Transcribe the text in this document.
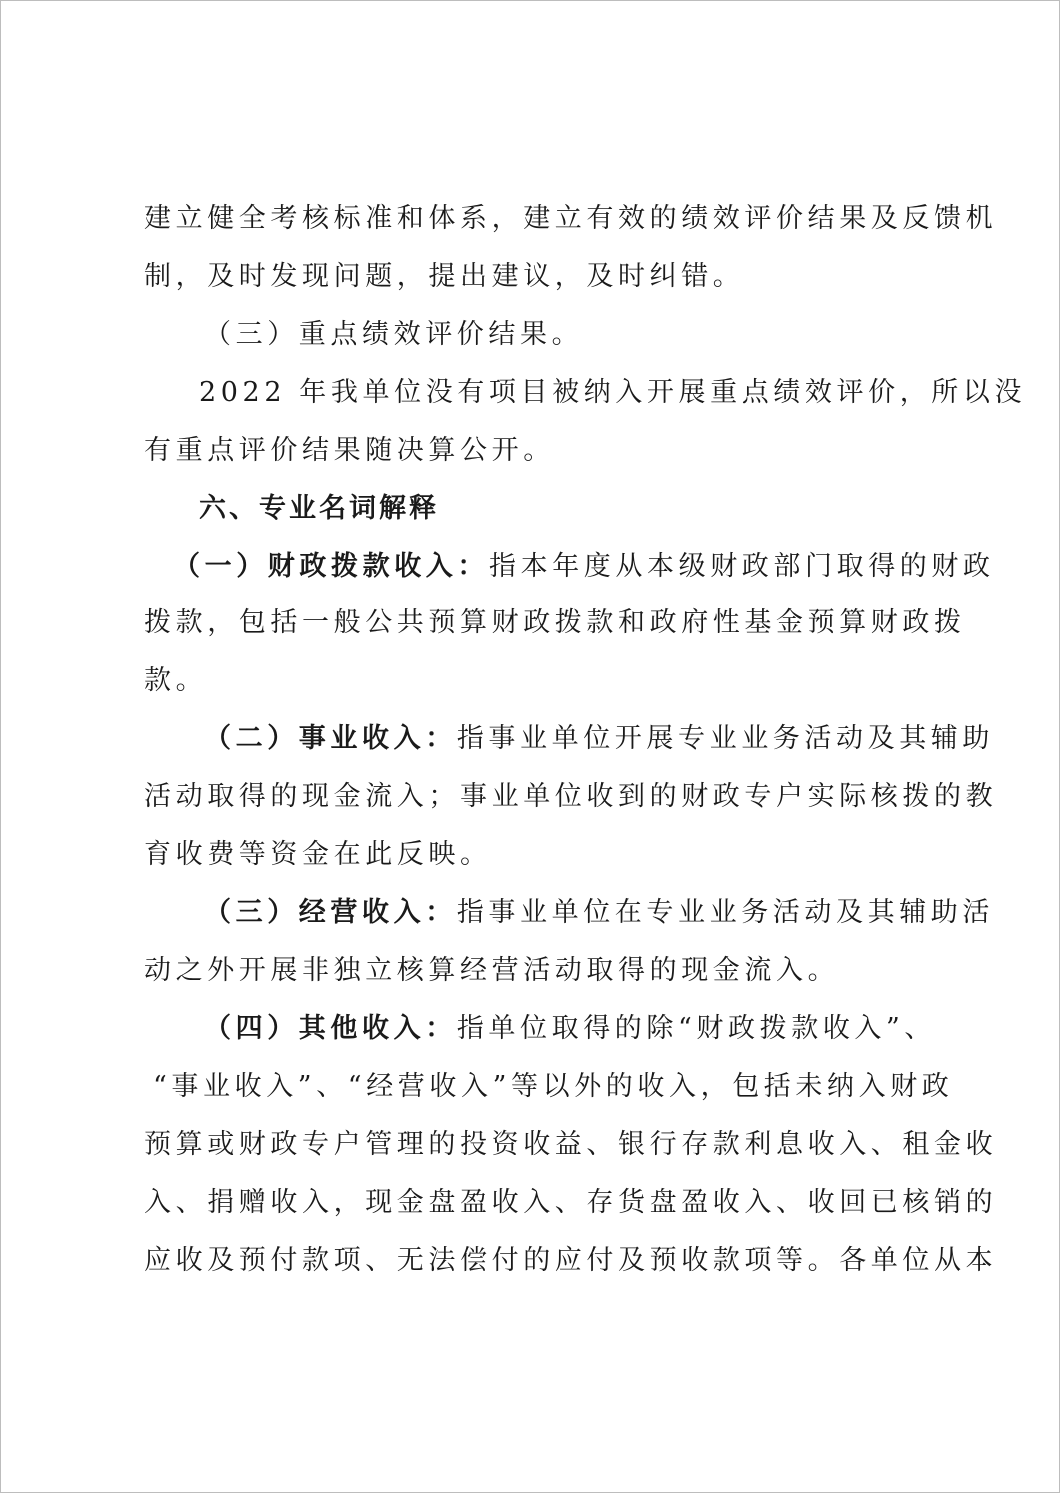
建立健全考核标准和体系，建立有效的绩效评价结果及反馈机
制，及时发现问题，提出建议，及时纠错。
（三）重点绩效评价结果。
2022 年我单位没有项目被纳入开展重点绩效评价，所以没
有重点评价结果随决算公开。
六、专业名词解释
（一）财政拨款收入：指本年度从本级财政部门取得的财政
拨款，包括一般公共预算财政拨款和政府性基金预算财政拨
款。
（二）事业收入：指事业单位开展专业业务活动及其辅助
活动取得的现金流入；事业单位收到的财政专户实际核拨的教
育收费等资金在此反映。
（三）经营收入：指事业单位在专业业务活动及其辅助活
动之外开展非独立核算经营活动取得的现金流入。
（四）其他收入：指单位取得的除“财政拨款收入”、
“事业收入”、“经营收入”等以外的收入，包括未纳入财政
预算或财政专户管理的投资收益、银行存款利息收入、租金收
入、捐赠收入，现金盘盈收入、存货盘盈收入、收回已核销的
应收及预付款项、无法偿付的应付及预收款项等。各单位从本
